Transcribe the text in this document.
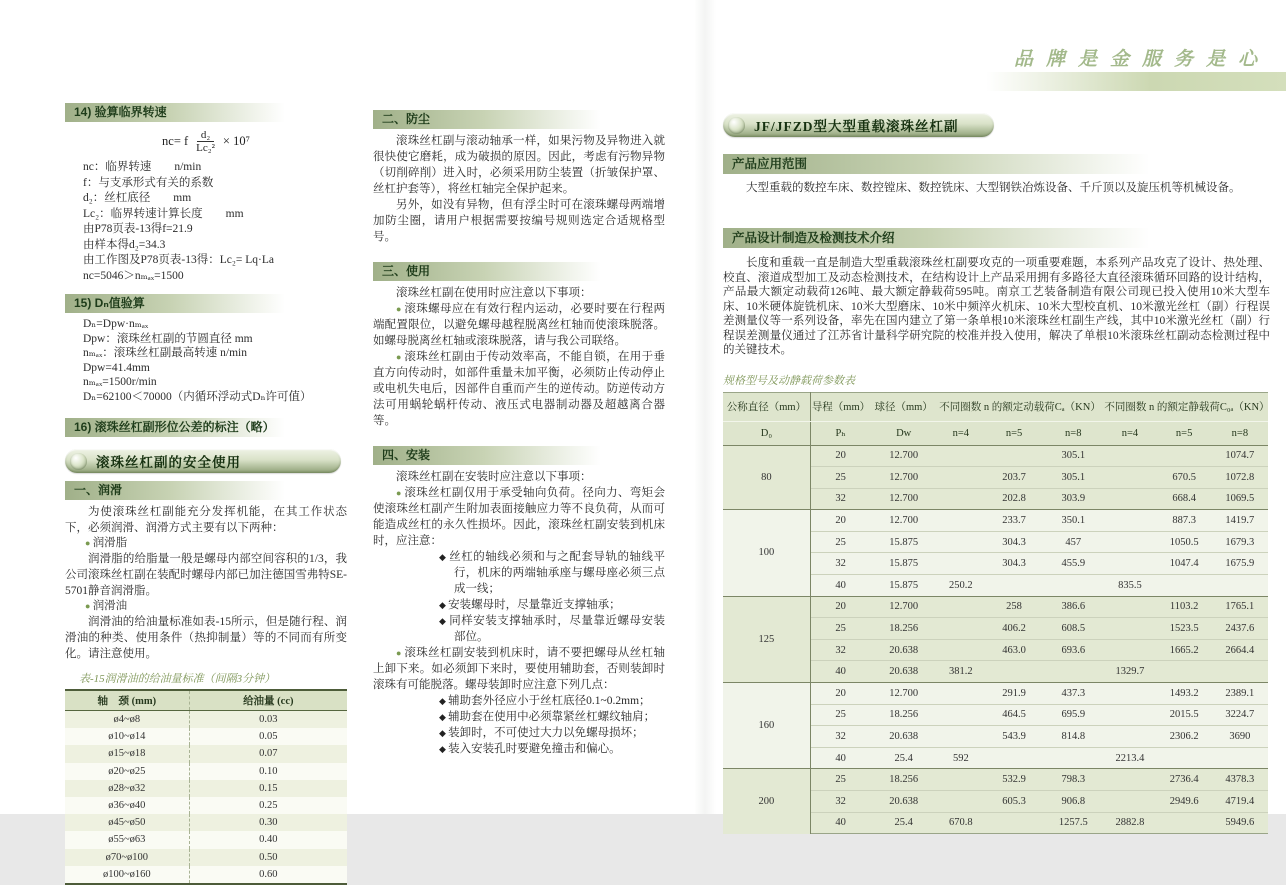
品牌是金服务是心
14) 验算临界转速
nc= f $\frac{\text{d₂}}{\text{Lc₂²}} \times 10^7$
nc：临界转速　　n/min
f：与支承形式有关的系数
d₂：丝杠底径　　mm
Lc₂：临界转速计算长度　　mm
由P78页表-13得f=21.9
由样本得d₂=34.3
由工作图及P78页表-13得：Lc₂= Lq·La
nc=5046＞nₘₐₓ=1500
15) Dₙ值验算
Dₙ=Dpw·nₘₐₓ
Dpw：滚珠丝杠副的节圆直径 mm
nₘₐₓ：滚珠丝杠副最高转速 n/min
Dpw=41.4mm
nₘₐₓ=1500r/min
Dₙ=62100＜70000（内循环浮动式Dₙ许可值）
16) 滚珠丝杠副形位公差的标注（略）
滚珠丝杠副的安全使用
一、润滑

为使滚珠丝杠副能充分发挥机能，在其工作状态下，必须润滑、润滑方式主要有以下两种：

● 润滑脂

润滑脂的给脂量一般是螺母内部空间容积的1/3，我公司滚珠丝杠副在装配时螺母内部已加注德国雪弗特SE-5701静音润滑脂。

● 润滑油

润滑油的给油量标准如表-15所示，但是随行程、润滑油的种类、使用条件（热抑制量）等的不同而有所变化。请注意使用。

表-15润滑油的给油量标准（间隔3分钟）
轴　颈 (mm)	给油量 (cc)
ø4~ø8	0.03
ø10~ø14	0.05
ø15~ø18	0.07
ø20~ø25	0.10
ø28~ø32	0.15
ø36~ø40	0.25
ø45~ø50	0.30
ø55~ø63	0.40
ø70~ø100	0.50
ø100~ø160	0.60
二、防尘

滚珠丝杠副与滚动轴承一样，如果污物及异物进入就很快使它磨耗，成为破损的原因。因此，考虑有污物异物（切削碎削）进入时，必须采用防尘装置（折皱保护罩、丝杠护套等），将丝杠轴完全保护起来。

另外，如没有异物，但有浮尘时可在滚珠螺母两端增加防尘圈，请用户根据需要按编号规则选定合适规格型号。

三、使用

滚珠丝杠副在使用时应注意以下事项：

● 滚珠螺母应在有效行程内运动，必要时要在行程两端配置限位，以避免螺母越程脱离丝杠轴而使滚珠脱落。如螺母脱离丝杠轴或滚珠脱落，请与我公司联络。

● 滚珠丝杠副由于传动效率高，不能自锁，在用于垂直方向传动时，如部件重量未加平衡，必须防止传动停止或电机失电后，因部件自重而产生的逆传动。防逆传动方法可用蜗轮蜗杆传动、液压式电器制动器及超越离合器等。

四、安装

滚珠丝杠副在安装时应注意以下事项：

● 滚珠丝杠副仅用于承受轴向负荷。径向力、弯矩会使滚珠丝杠副产生附加表面接触应力等不良负荷，从而可能造成丝杠的永久性损坏。因此，滚珠丝杠副安装到机床时，应注意：

◆ 丝杠的轴线必须和与之配套导轨的轴线平行，机床的两端轴承座与螺母座必须三点成一线；

◆ 安装螺母时，尽量靠近支撑轴承；

◆ 同样安装支撑轴承时，尽量靠近螺母安装部位。

● 滚珠丝杠副安装到机床时，请不要把螺母从丝杠轴上卸下来。如必须卸下来时，要使用辅助套，否则装卸时滚珠有可能脱落。螺母装卸时应注意下列几点：

◆ 辅助套外径应小于丝杠底径0.1~0.2mm；

◆ 辅助套在使用中必须靠紧丝杠螺纹轴肩；

◆ 装卸时，不可使过大力以免螺母损坏；

◆ 装入安装孔时要避免撞击和偏心。

JF/JFZD型大型重载滚珠丝杠副
产品应用范围

大型重载的数控车床、数控镗床、数控铣床、大型钢铁冶炼设备、千斤顶以及旋压机等机械设备。

产品设计制造及检测技术介绍

长度和重载一直是制造大型重载滚珠丝杠副要攻克的一项重要难题，本系列产品攻克了设计、热处理、校直、滚道成型加工及动态检测技术，在结构设计上产品采用拥有多路径大直径滚珠循环回路的设计结构，产品最大额定动载荷126吨、最大额定静载荷595吨。南京工艺装备制造有限公司现已投入使用10米大型车床、10米硬体旋铣机床、10米大型磨床、10米中频淬火机床、10米大型校直机、10米激光丝杠（副）行程误差测量仪等一系列设备，率先在国内建立了第一条单根10米滚珠丝杠副生产线，其中10米激光丝杠（副）行程误差测量仪通过了江苏省计量科学研究院的校准并投入使用，解决了单根10米滚珠丝杠副动态检测过程中的关键技术。

规格型号及动静载荷参数表
公称直径（mm）	导程（mm）	球径（mm）	不同圈数 n 的额定动载荷Cₐ（KN）			不同圈数 n 的额定静载荷C₀ₐ（KN）		
D₀	Pₕ	Dw	n=4	n=5	n=8	n=4	n=5	n=8
80	20	12.700			305.1			1074.7
	25	12.700		203.7	305.1		670.5	1072.8
	32	12.700		202.8	303.9		668.4	1069.5
100	20	12.700		233.7	350.1		887.3	1419.7
	25	15.875		304.3	457		1050.5	1679.3
	32	15.875		304.3	455.9		1047.4	1675.9
	40	15.875	250.2			835.5		
125	20	12.700		258	386.6		1103.2	1765.1
	25	18.256		406.2	608.5		1523.5	2437.6
	32	20.638		463.0	693.6		1665.2	2664.4
	40	20.638	381.2			1329.7		
160	20	12.700		291.9	437.3		1493.2	2389.1
	25	18.256		464.5	695.9		2015.5	3224.7
	32	20.638		543.9	814.8		2306.2	3690
	40	25.4	592			2213.4		
200	25	18.256		532.9	798.3		2736.4	4378.3
	32	20.638		605.3	906.8		2949.6	4719.4
	40	25.4	670.8		1257.5	2882.8		5949.6
